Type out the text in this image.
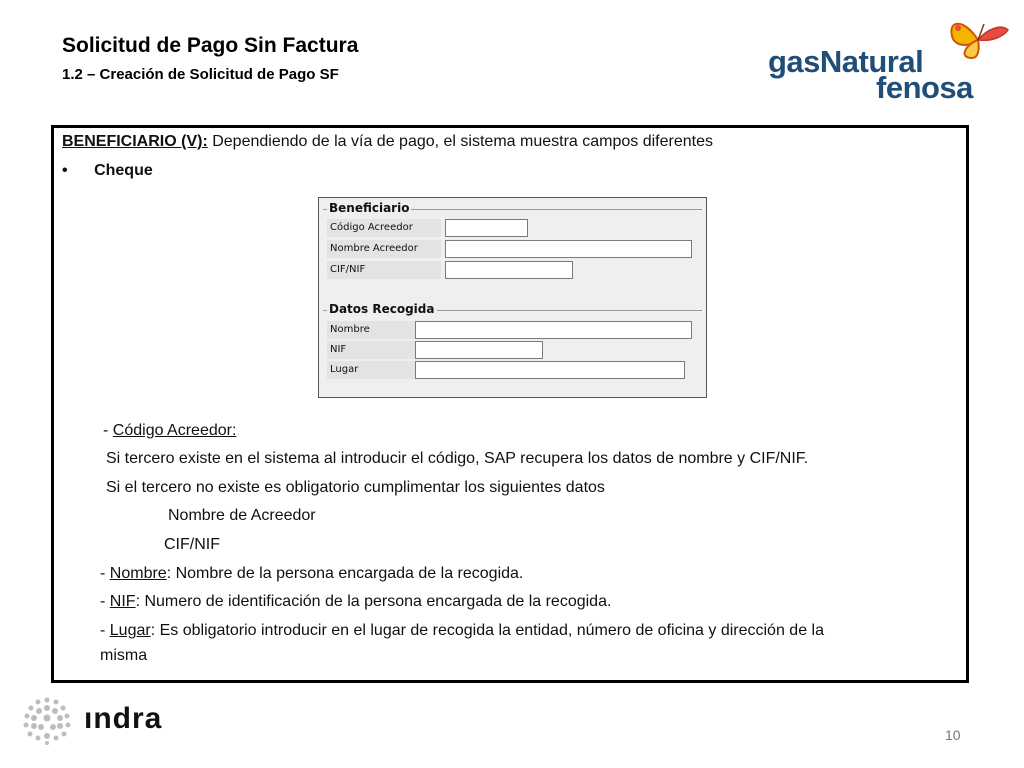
Solicitud de Pago Sin Factura
1.2 – Creación de Solicitud de Pago SF	gasNatural
fenosa
BENEFICIARIO (V): Dependiendo de la vía de pago, el sistema muestra campos diferentes
• Cheque
Beneficiario
Código Acreedor
Nombre Acreedor
CIF/NIF
Datos Recogida
Nombre
NIF
Lugar
- Código Acreedor:
Si tercero existe en el sistema al introducir el código, SAP recupera los datos de nombre y CIF/NIF.
Si el tercero no existe es obligatorio cumplimentar los siguientes datos
Nombre de Acreedor
CIF/NIF
- Nombre: Nombre de la persona encargada de la recogida.
- NIF: Numero de identificación de la persona encargada de la recogida.
- Lugar: Es obligatorio introducir en el lugar de recogida la entidad, número de oficina y dirección de la
misma
ındra	10
